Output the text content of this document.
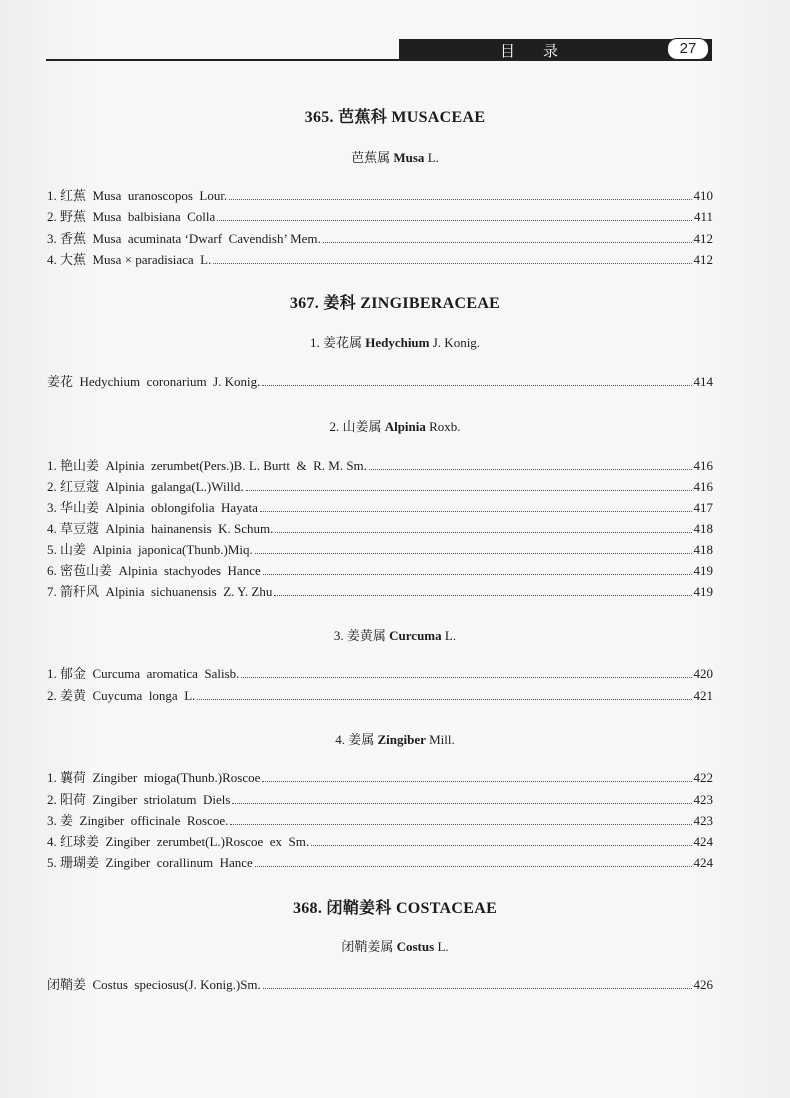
目录	27
365. 芭蕉科 MUSACEAE
芭蕉属 Musa L.
1. 红蕉  Musa  uranoscopos  Lour.	410
2. 野蕉  Musa  balbisiana  Colla	411
3. 香蕉  Musa  acuminata ‘Dwarf  Cavendish’ Mem.	412
4. 大蕉  Musa × paradisiaca  L.	412
367. 姜科 ZINGIBERACEAE
1. 姜花属 Hedychium J. Konig.
姜花  Hedychium  coronarium  J. Konig.	414
2. 山姜属 Alpinia Roxb.
1. 艳山姜  Alpinia  zerumbet(Pers.)B. L. Burtt  &  R. M. Sm.	416
2. 红豆蔻  Alpinia  galanga(L.)Willd.	416
3. 华山姜  Alpinia  oblongifolia  Hayata	417
4. 草豆蔻  Alpinia  hainanensis  K. Schum.	418
5. 山姜  Alpinia  japonica(Thunb.)Miq.	418
6. 密苞山姜  Alpinia  stachyodes  Hance	419
7. 箭秆风  Alpinia  sichuanensis  Z. Y. Zhu	419
3. 姜黄属 Curcuma L.
1. 郁金  Curcuma  aromatica  Salisb.	420
2. 姜黄  Cuycuma  longa  L.	421
4. 姜属 Zingiber Mill.
1. 蘘荷  Zingiber  mioga(Thunb.)Roscoe	422
2. 阳荷  Zingiber  striolatum  Diels	423
3. 姜  Zingiber  officinale  Roscoe.	423
4. 红球姜  Zingiber  zerumbet(L.)Roscoe  ex  Sm.	424
5. 珊瑚姜  Zingiber  corallinum  Hance	424
368. 闭鞘姜科 COSTACEAE
闭鞘姜属 Costus L.
闭鞘姜  Costus  speciosus(J. Konig.)Sm.	426
